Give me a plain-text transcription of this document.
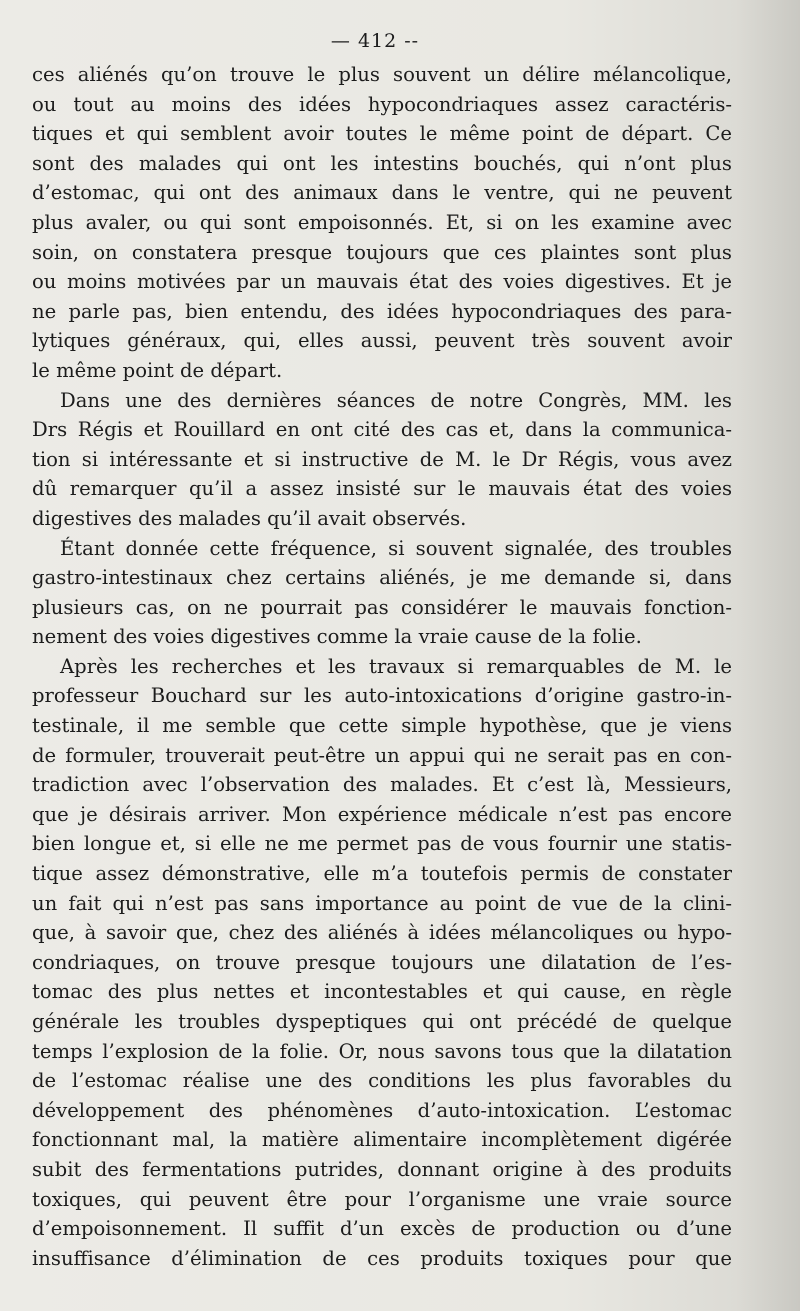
— 412 --
ces aliénés qu’on trouve le plus souvent un délire mélancolique,
ou tout au moins des idées hypocondriaques assez caractéris-
tiques et qui semblent avoir toutes le même point de départ. Ce
sont des malades qui ont les intestins bouchés, qui n’ont plus
d’estomac, qui ont des animaux dans le ventre, qui ne peuvent
plus avaler, ou qui sont empoisonnés. Et, si on les examine avec
soin, on constatera presque toujours que ces plaintes sont plus
ou moins motivées par un mauvais état des voies digestives. Et je
ne parle pas, bien entendu, des idées hypocondriaques des para-
lytiques généraux, qui, elles aussi, peuvent très souvent avoir
le même point de départ.
Dans une des dernières séances de notre Congrès, MM. les
Drs Régis et Rouillard en ont cité des cas et, dans la communica-
tion si intéressante et si instructive de M. le Dr Régis, vous avez
dû remarquer qu’il a assez insisté sur le mauvais état des voies
digestives des malades qu’il avait observés.
Étant donnée cette fréquence, si souvent signalée, des troubles
gastro-intestinaux chez certains aliénés, je me demande si, dans
plusieurs cas, on ne pourrait pas considérer le mauvais fonction-
nement des voies digestives comme la vraie cause de la folie.
Après les recherches et les travaux si remarquables de M. le
professeur Bouchard sur les auto-intoxications d’origine gastro-in-
testinale, il me semble que cette simple hypothèse, que je viens
de formuler, trouverait peut-être un appui qui ne serait pas en con-
tradiction avec l’observation des malades. Et c’est là, Messieurs,
que je désirais arriver. Mon expérience médicale n’est pas encore
bien longue et, si elle ne me permet pas de vous fournir une statis-
tique assez démonstrative, elle m’a toutefois permis de constater
un fait qui n’est pas sans importance au point de vue de la clini-
que, à savoir que, chez des aliénés à idées mélancoliques ou hypo-
condriaques, on trouve presque toujours une dilatation de l’es-
tomac des plus nettes et incontestables et qui cause, en règle
générale les troubles dyspeptiques qui ont précédé de quelque
temps l’explosion de la folie. Or, nous savons tous que la dilatation
de l’estomac réalise une des conditions les plus favorables du
développement des phénomènes d’auto-intoxication. L’estomac
fonctionnant mal, la matière alimentaire incomplètement digérée
subit des fermentations putrides, donnant origine à des produits
toxiques, qui peuvent être pour l’organisme une vraie source
d’empoisonnement. Il suffit d’un excès de production ou d’une
insuffisance d’élimination de ces produits toxiques pour que
